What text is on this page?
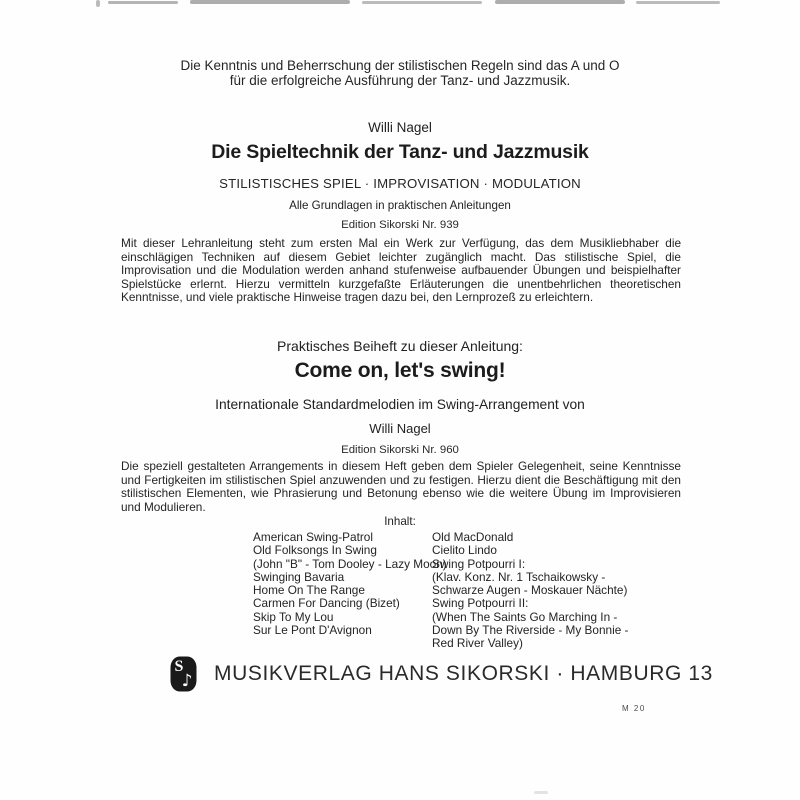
Die Kenntnis und Beherrschung der stilistischen Regeln sind das A und O
für die erfolgreiche Ausführung der Tanz- und Jazzmusik.
Willi Nagel
Die Spieltechnik der Tanz- und Jazzmusik
STILISTISCHES SPIEL · IMPROVISATION · MODULATION
Alle Grundlagen in praktischen Anleitungen
Edition Sikorski Nr. 939
Mit dieser Lehranleitung steht zum ersten Mal ein Werk zur Verfügung, das dem Musikliebhaber die einschlägigen Techniken auf diesem Gebiet leichter zugänglich macht. Das stilistische Spiel, die Improvisation und die Modulation werden anhand stufenweise aufbauender Übungen und beispielhafter Spielstücke erlernt. Hierzu vermitteln kurzgefaßte Erläuterungen die unentbehrlichen theoretischen Kenntnisse, und viele praktische Hinweise tragen dazu bei, den Lernprozeß zu erleichtern.
Praktisches Beiheft zu dieser Anleitung:
Come on, let's swing!
Internationale Standardmelodien im Swing-Arrangement von
Willi Nagel
Edition Sikorski Nr. 960
Die speziell gestalteten Arrangements in diesem Heft geben dem Spieler Gelegenheit, seine Kenntnisse und Fertigkeiten im stilistischen Spiel anzuwenden und zu festigen. Hierzu dient die Beschäftigung mit den stilistischen Elementen, wie Phrasierung und Betonung ebenso wie die weitere Übung im Improvisieren und Modulieren.
Inhalt:
American Swing-Patrol
Old Folksongs In Swing
(John "B" - Tom Dooley - Lazy Moon)
Swinging Bavaria
Home On The Range
Carmen For Dancing (Bizet)
Skip To My Lou
Sur Le Pont D'Avignon
Old MacDonald
Cielito Lindo
Swing Potpourri I:
(Klav. Konz. Nr. 1 Tschaikowsky -
Schwarze Augen - Moskauer Nächte)
Swing Potpourri II:
(When The Saints Go Marching In -
Down By The Riverside - My Bonnie -
Red River Valley)
S
♪ MUSIKVERLAG HANS SIKORSKI · HAMBURG 13
M 20
